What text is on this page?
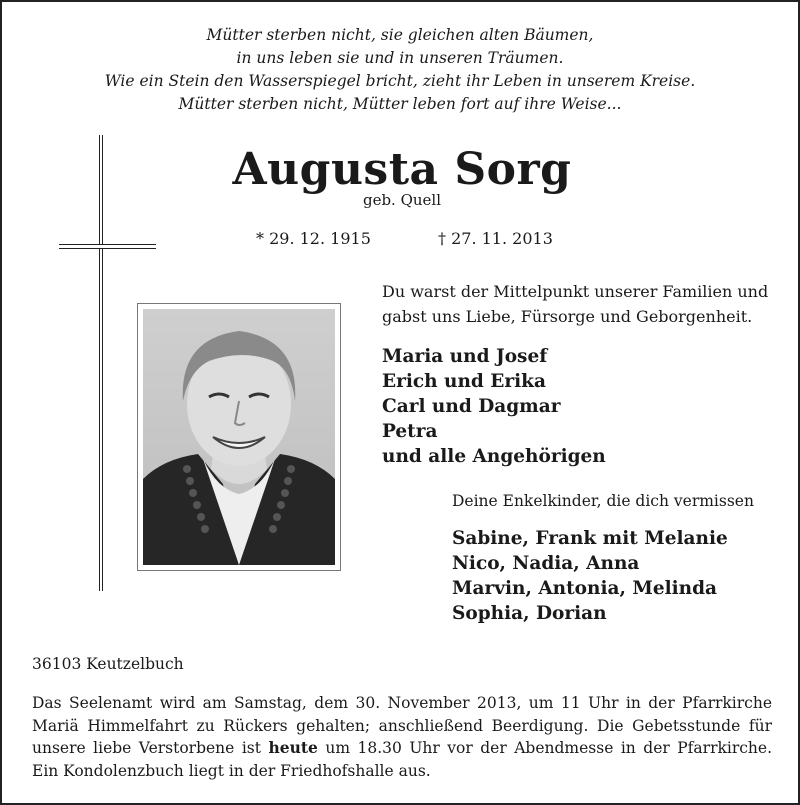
Mütter sterben nicht, sie gleichen alten Bäumen,
in uns leben sie und in unseren Träumen.
Wie ein Stein den Wasserspiegel bricht, zieht ihr Leben in unserem Kreise.
Mütter sterben nicht, Mütter leben fort auf ihre Weise...
Augusta Sorg
geb. Quell
* 29. 12. 1915	† 27. 11. 2013
Du warst der Mittelpunkt unserer Familien und
gabst uns Liebe, Fürsorge und Geborgenheit.
Maria und Josef
Erich und Erika
Carl und Dagmar
Petra
und alle Angehörigen
Deine Enkelkinder, die dich vermissen
Sabine, Frank mit Melanie
Nico, Nadia, Anna
Marvin, Antonia, Melinda
Sophia, Dorian
36103 Keutzelbuch
Das Seelenamt wird am Samstag, dem 30. November 2013, um 11 Uhr in der Pfarrkirche
Mariä Himmelfahrt zu Rückers gehalten; anschließend Beerdigung. Die Gebetsstunde für
unsere liebe Verstorbene ist heute um 18.30 Uhr vor der Abendmesse in der Pfarrkirche.
Ein Kondolenzbuch liegt in der Friedhofshalle aus.
